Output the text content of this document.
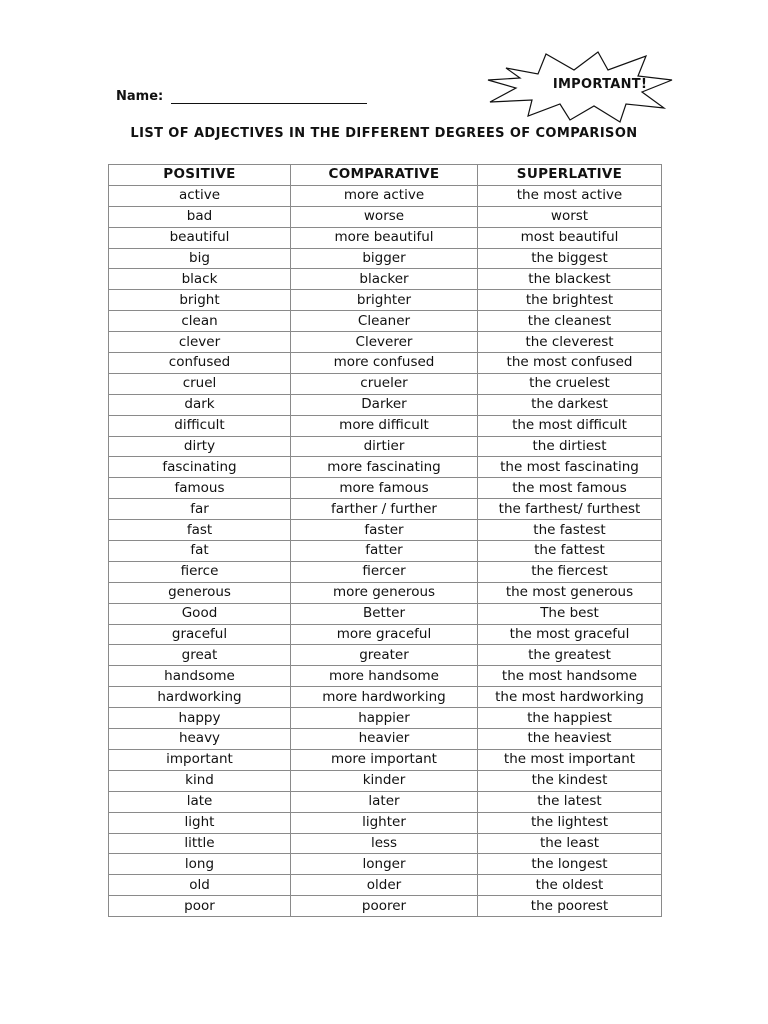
Name:
IMPORTANT!
LIST OF ADJECTIVES IN THE DIFFERENT DEGREES OF COMPARISON
POSITIVE	COMPARATIVE	SUPERLATIVE
active	more active	the most active
bad	worse	worst
beautiful	more beautiful	most beautiful
big	bigger	the biggest
black	blacker	the blackest
bright	brighter	the brightest
clean	Cleaner	the cleanest
clever	Cleverer	the cleverest
confused	more confused	the most confused
cruel	crueler	the cruelest
dark	Darker	the darkest
difficult	more difficult	the most difficult
dirty	dirtier	the dirtiest
fascinating	more fascinating	the most fascinating
famous	more famous	the most famous
far	farther / further	the farthest/ furthest
fast	faster	the fastest
fat	fatter	the fattest
fierce	fiercer	the fiercest
generous	more generous	the most generous
Good	Better	The best
graceful	more graceful	the most graceful
great	greater	the greatest
handsome	more handsome	the most handsome
hardworking	more hardworking	the most hardworking
happy	happier	the happiest
heavy	heavier	the heaviest
important	more important	the most important
kind	kinder	the kindest
late	later	the latest
light	lighter	the lightest
little	less	the least
long	longer	the longest
old	older	the oldest
poor	poorer	the poorest
